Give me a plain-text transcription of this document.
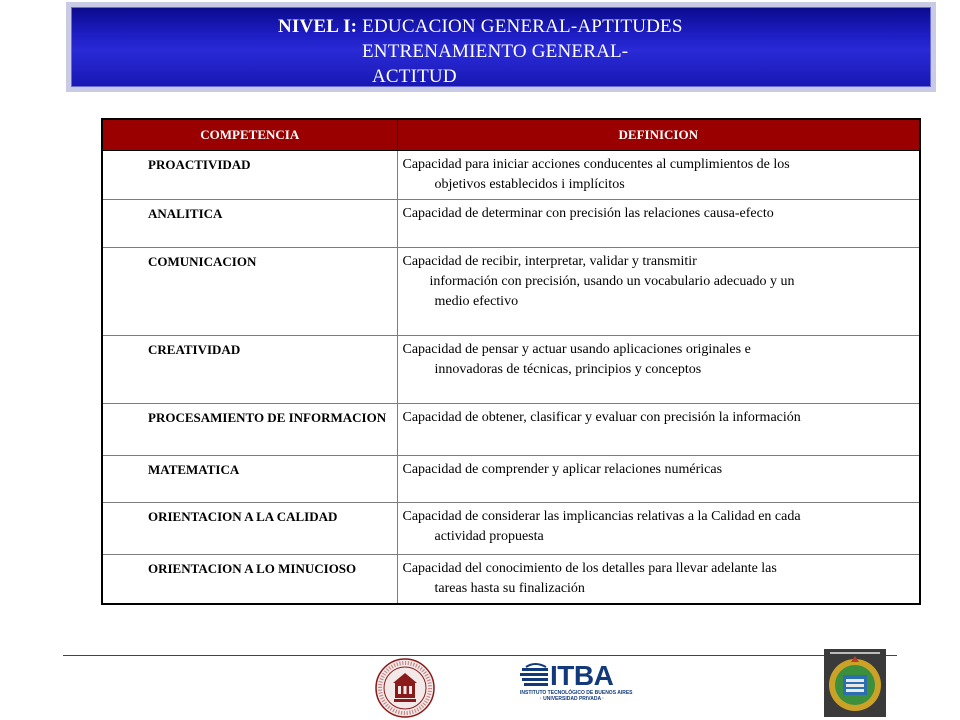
NIVEL I: EDUCACION GENERAL-APTITUDES
ENTRENAMIENTO GENERAL-
ACTITUD
COMPETENCIA	DEFINICION
PROACTIVIDAD	Capacidad para iniciar acciones conducentes al cumplimientos de los
objetivos establecidos i implícitos

ANALITICA	Capacidad de determinar con precisión las relaciones causa-efecto

COMUNICACION	Capacidad de recibir, interpretar, validar y transmitir
información con precisión, usando un vocabulario adecuado y un
medio efectivo

CREATIVIDAD	Capacidad de pensar y actuar usando aplicaciones originales e
innovadoras de técnicas, principios y conceptos

PROCESAMIENTO DE INFORMACION	Capacidad de obtener, clasificar y evaluar con precisión la información

MATEMATICA	Capacidad de comprender y aplicar relaciones numéricas

ORIENTACION A LA CALIDAD	Capacidad de considerar las implicancias relativas a la Calidad en cada
actividad propuesta

ORIENTACION A LO MINUCIOSO	Capacidad del conocimiento de los detalles para llevar adelante las
tareas hasta su finalización
ITBA
INSTITUTO TECNOLÓGICO DE BUENOS AIRES
· UNIVERSIDAD PRIVADA ·
